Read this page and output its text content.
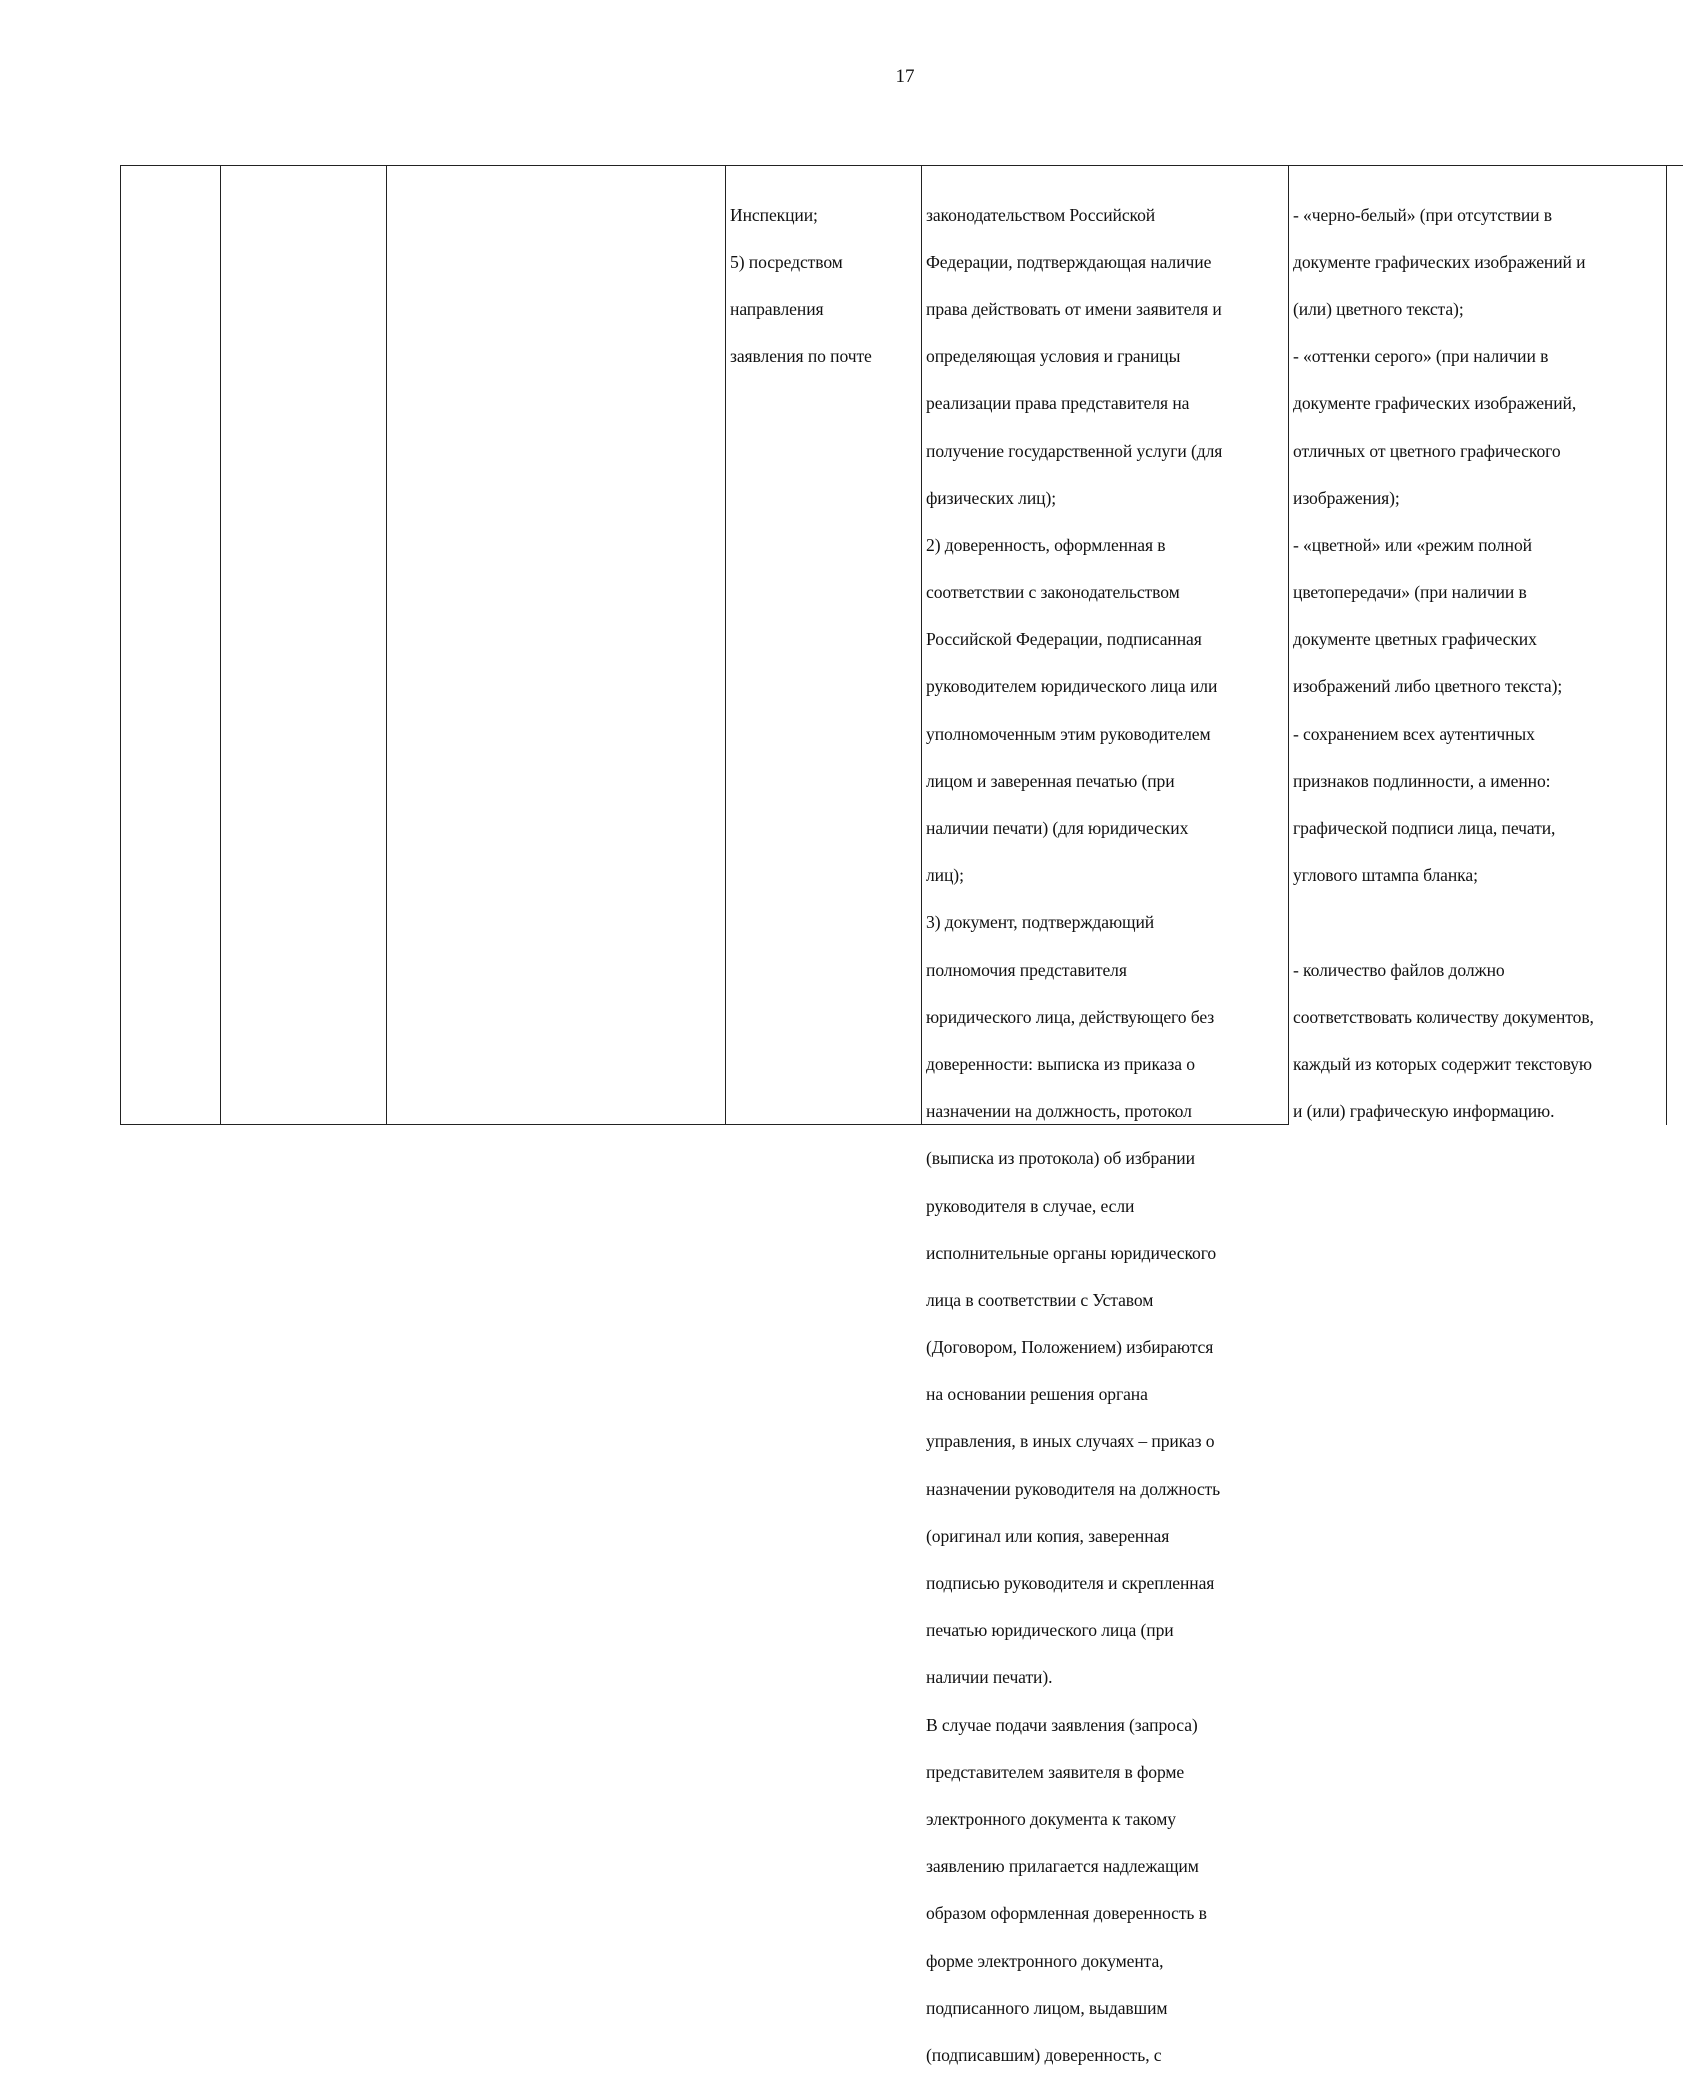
17

Инспекции;

5) посредством

направления

заявления по почте

законодательством Российской

Федерации, подтверждающая наличие

права действовать от имени заявителя и

определяющая условия и границы

реализации права представителя на

получение государственной услуги (для

физических лиц);

2) доверенность, оформленная в

соответствии с законодательством

Российской Федерации, подписанная

руководителем юридического лица или

уполномоченным этим руководителем

лицом и заверенная печатью (при

наличии печати) (для юридических

лиц);

3) документ, подтверждающий

полномочия представителя

юридического лица, действующего без

доверенности: выписка из приказа о

назначении на должность, протокол

(выписка из протокола) об избрании

руководителя в случае, если

исполнительные органы юридического

лица в соответствии с Уставом

(Договором, Положением) избираются

на основании решения органа

управления, в иных случаях – приказ о

назначении руководителя на должность

(оригинал или копия, заверенная

подписью руководителя и скрепленная

печатью юридического лица (при

наличии печати).

В случае подачи заявления (запроса)

представителем заявителя в форме

электронного документа к такому

заявлению прилагается надлежащим

образом оформленная доверенность в

форме электронного документа,

подписанного лицом, выдавшим

(подписавшим) доверенность, с

- «черно-белый» (при отсутствии в

документе графических изображений и

(или) цветного текста);

- «оттенки серого» (при наличии в

документе графических изображений,

отличных от цветного графического

изображения);

- «цветной» или «режим полной

цветопередачи» (при наличии в

документе цветных графических

изображений либо цветного текста);

- сохранением всех аутентичных

признаков подлинности, а именно:

графической подписи лица, печати,

углового штампа бланка;

- количество файлов должно

соответствовать количеству документов,

каждый из которых содержит текстовую

и (или) графическую информацию.
